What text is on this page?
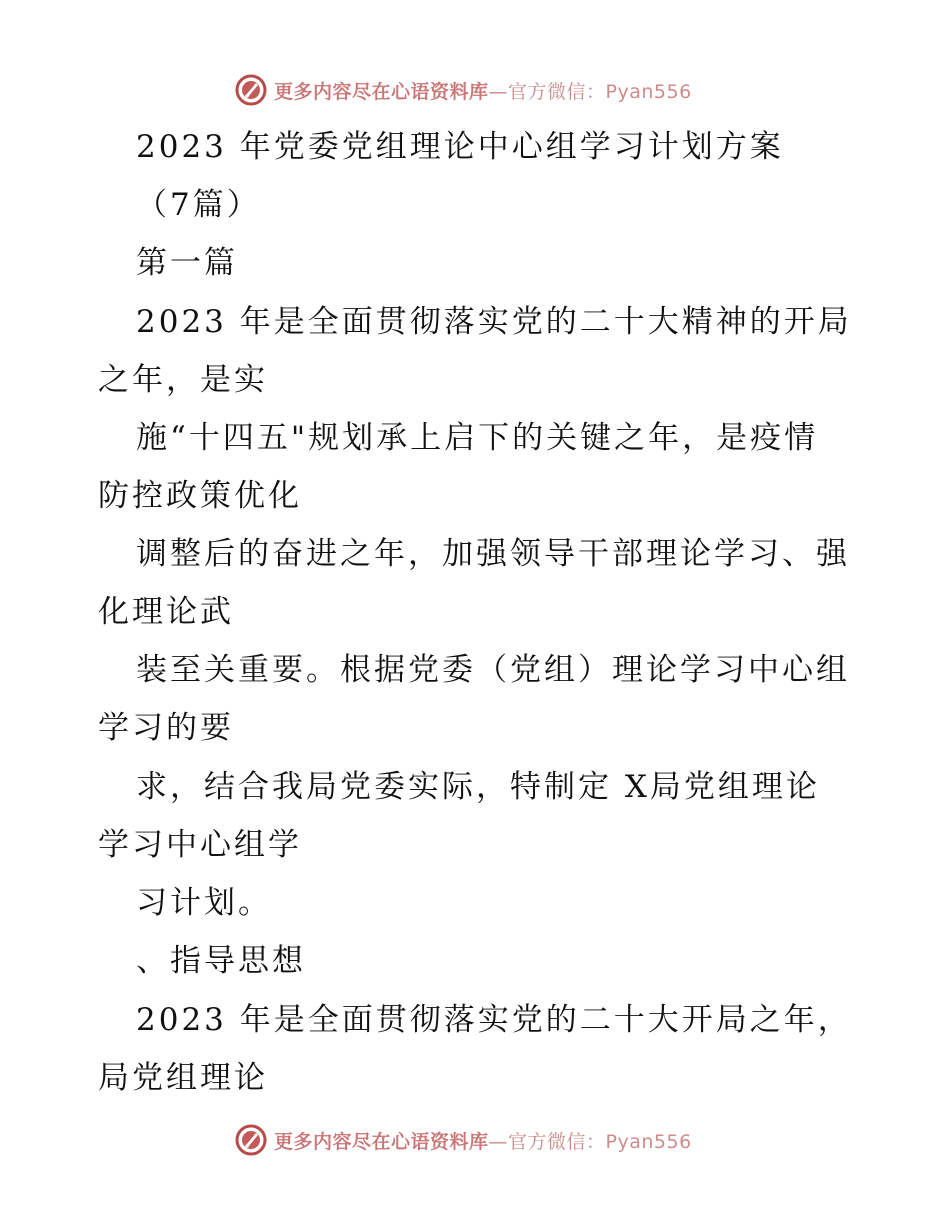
更多内容尽在心语资料库—官方微信：Pyan556
2023 年党委党组理论中心组学习计划方案
（7篇）
第一篇
2023 年是全面贯彻落实党的二十大精神的开局
之年，是实
施“十四五"规划承上启下的关键之年，是疫情
防控政策优化
调整后的奋进之年，加强领导干部理论学习、强
化理论武
装至关重要。根据党委（党组）理论学习中心组
学习的要
求，结合我局党委实际，特制定 X局党组理论
学习中心组学
习计划。
、指导思想
2023 年是全面贯彻落实党的二十大开局之年，
局党组理论
更多内容尽在心语资料库—官方微信：Pyan556
